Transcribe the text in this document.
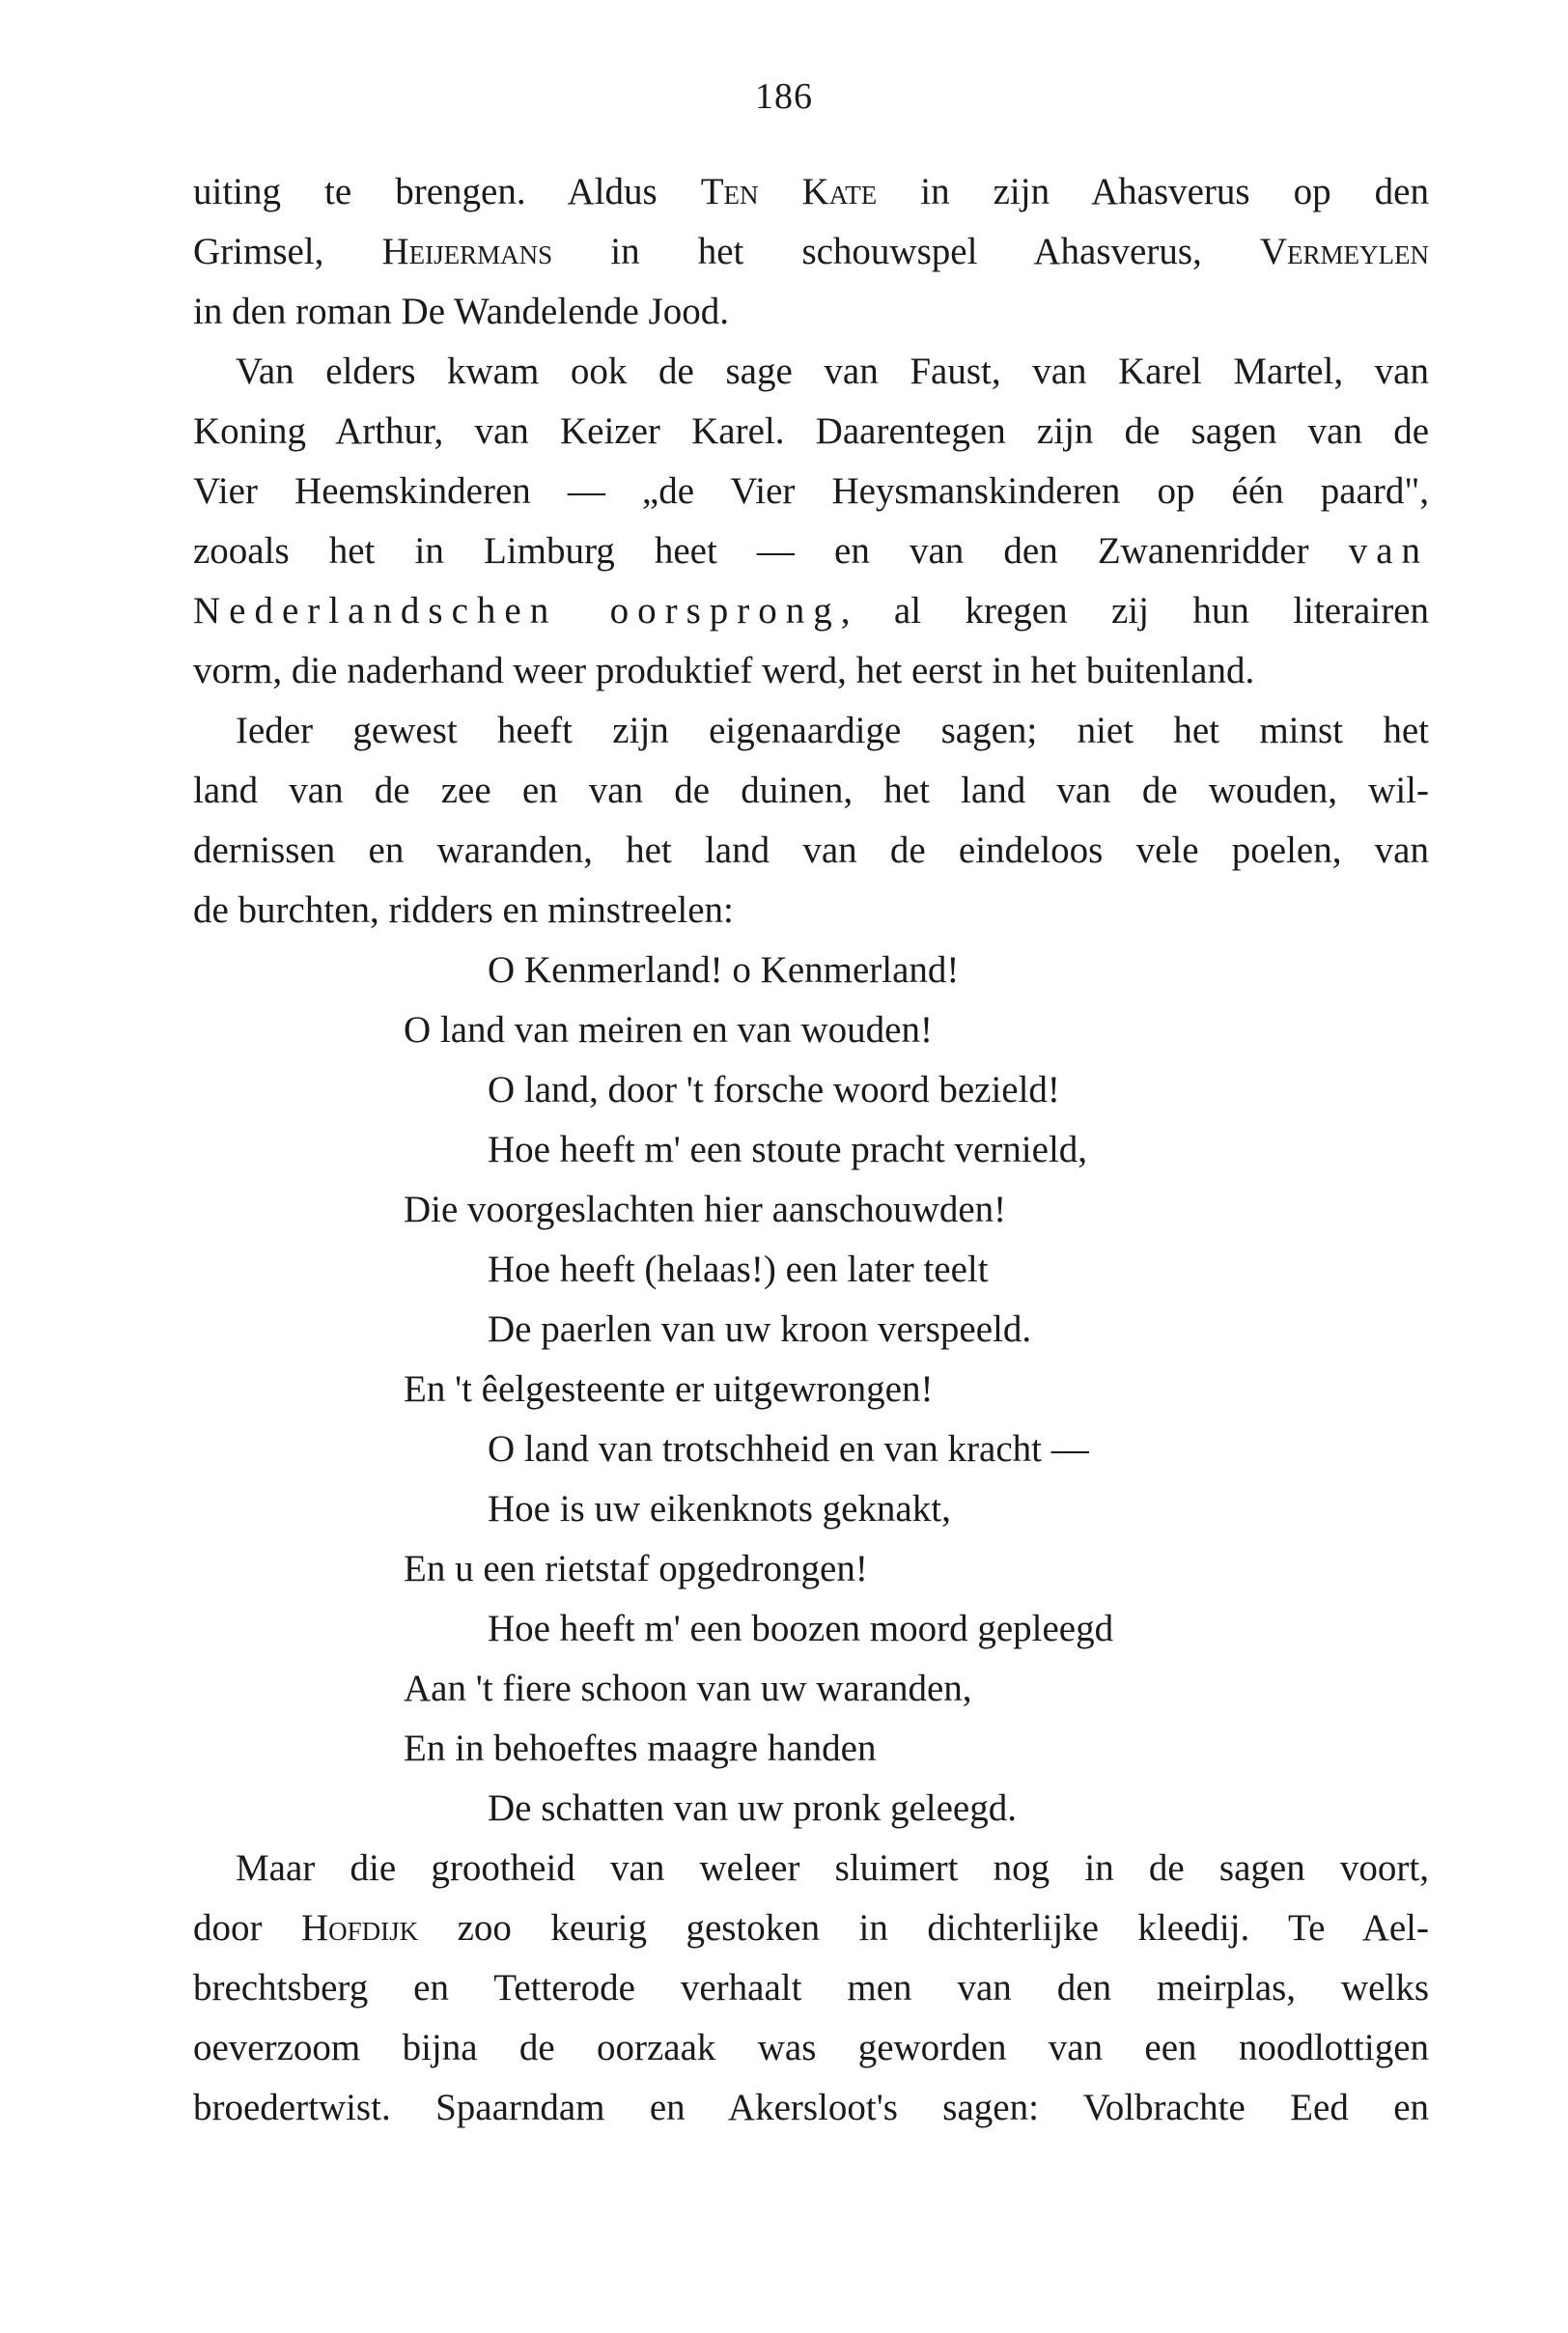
186
uiting te brengen. Aldus Ten Kate in zijn Ahasverus op den
Grimsel, Heijermans in het schouwspel Ahasverus, Vermeylen
in den roman De Wandelende Jood.
Van elders kwam ook de sage van Faust, van Karel Martel, van
Koning Arthur, van Keizer Karel. Daarentegen zijn de sagen van de
Vier Heemskinderen — „de Vier Heysmanskinderen op één paard",
zooals het in Limburg heet — en van den Zwanenridder van
Nederlandschen oorsprong, al kregen zij hun literairen
vorm, die naderhand weer produktief werd, het eerst in het buitenland.
Ieder gewest heeft zijn eigenaardige sagen; niet het minst het
land van de zee en van de duinen, het land van de wouden, wil-
dernissen en waranden, het land van de eindeloos vele poelen, van
de burchten, ridders en minstreelen:
O Kenmerland! o Kenmerland!
O land van meiren en van wouden!
O land, door 't forsche woord bezield!
Hoe heeft m' een stoute pracht vernield,
Die voorgeslachten hier aanschouwden!
Hoe heeft (helaas!) een later teelt
De paerlen van uw kroon verspeeld.
En 't êelgesteente er uitgewrongen!
O land van trotschheid en van kracht —
Hoe is uw eikenknots geknakt,
En u een rietstaf opgedrongen!
Hoe heeft m' een boozen moord gepleegd
Aan 't fiere schoon van uw waranden,
En in behoeftes maagre handen
De schatten van uw pronk geleegd.
Maar die grootheid van weleer sluimert nog in de sagen voort,
door Hofdijk zoo keurig gestoken in dichterlijke kleedij. Te Ael-
brechtsberg en Tetterode verhaalt men van den meirplas, welks
oeverzoom bijna de oorzaak was geworden van een noodlottigen
broedertwist. Spaarndam en Akersloot's sagen: Volbrachte Eed en
